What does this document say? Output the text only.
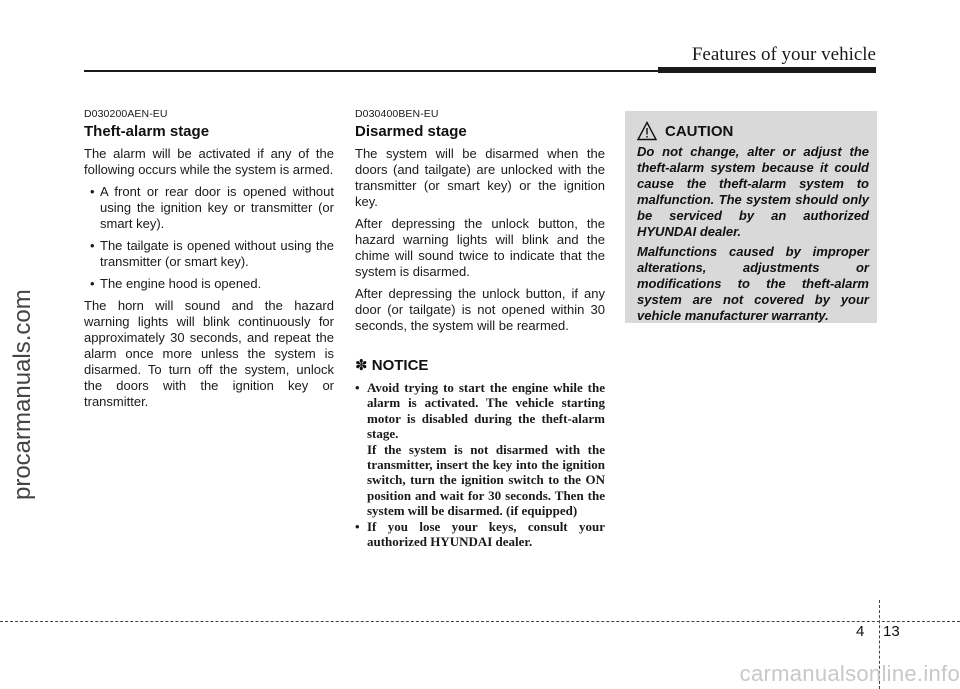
Features of your vehicle
procarmanuals.com
D030200AEN-EU
Theft-alarm stage

The alarm will be activated if any of the following occurs while the system is armed.

• A front or rear door is opened without using the ignition key or transmitter (or smart key).
• The tailgate is opened without using the transmitter (or smart key).
• The engine hood is opened.

The horn will sound and the hazard warning lights will blink continuously for approximately 30 seconds, and repeat the alarm once more unless the system is disarmed. To turn off the system, unlock the doors with the ignition key or transmitter.

D030400BEN-EU
Disarmed stage

The system will be disarmed when the doors (and tailgate) are unlocked with the transmitter (or smart key) or the ignition key.

After depressing the unlock button, the hazard warning lights will blink and the chime will sound twice to indicate that the system is disarmed.

After depressing the unlock button, if any door (or tailgate) is not opened within 30 seconds, the system will be rearmed.

✽ NOTICE
• Avoid trying to start the engine while the alarm is activated. The vehicle starting motor is disabled during the theft-alarm stage.
If the system is not disarmed with the transmitter, insert the key into the ignition switch, turn the ignition switch to the ON position and wait for 30 seconds. Then the system will be disarmed. (if equipped)
• If you lose your keys, consult your authorized HYUNDAI dealer.
CAUTION

Do not change, alter or adjust the theft-alarm system because it could cause the theft-alarm system to malfunction. The system should only be serviced by an authorized HYUNDAI dealer.

Malfunctions caused by improper alterations, adjustments or modifications to the theft-alarm system are not covered by your vehicle manufacturer warranty.

4 13
carmanualsonline.info
